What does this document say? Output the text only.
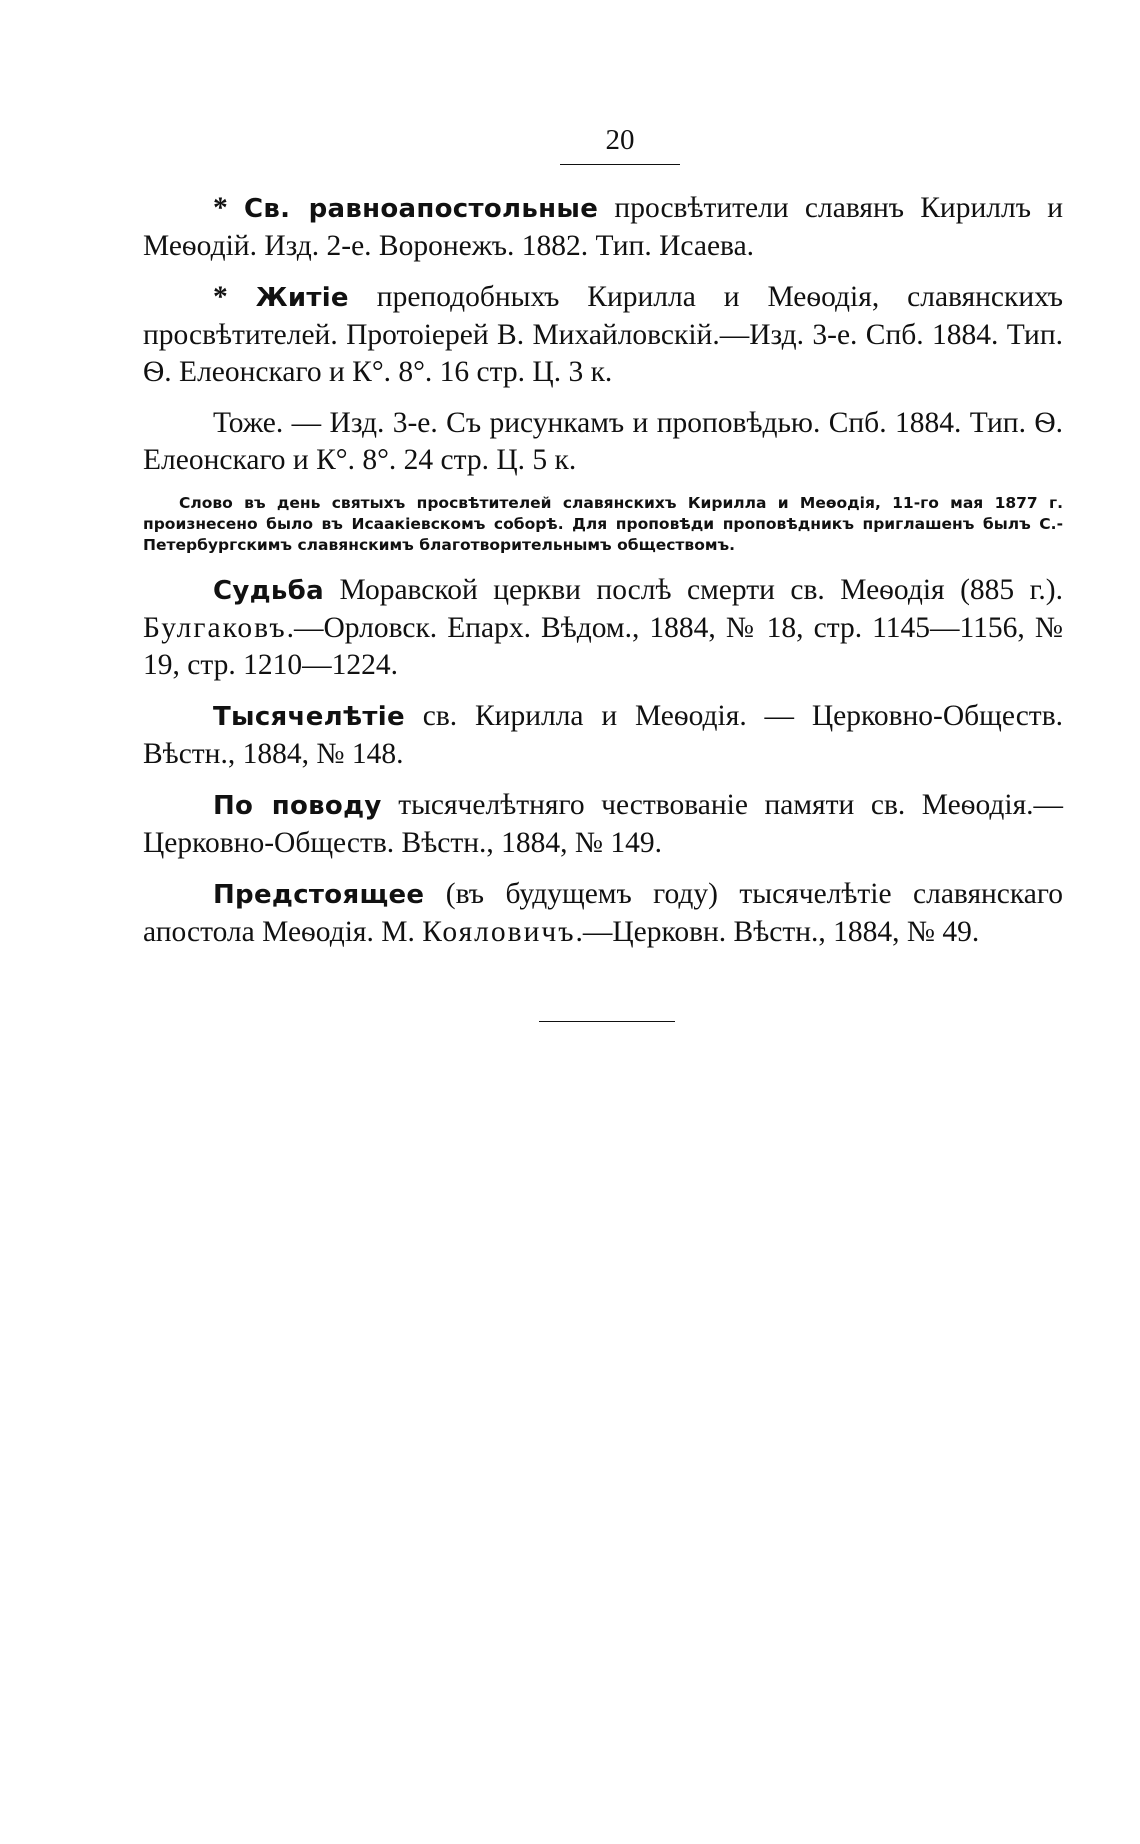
20

* Св. равноапостольные просвѣтители славянъ Кириллъ и Меѳодій. Изд. 2-е. Воронежъ. 1882. Тип. Исаева.

* Житіе преподобныхъ Кирилла и Меѳодія, славянскихъ просвѣтителей. Протоіерей В. Михайловскій.—Изд. 3-е. Спб. 1884. Тип. Ѳ. Елеонскаго и К°. 8°. 16 стр. Ц. 3 к.

Тоже. — Изд. 3-е. Съ рисункамъ и проповѣдью. Спб. 1884. Тип. Ѳ. Елеонскаго и К°. 8°. 24 стр. Ц. 5 к.

Слово въ день святыхъ просвѣтителей славянскихъ Кирилла и Меѳодія, 11-го мая 1877 г. произнесено было въ Исаакіевскомъ соборѣ. Для проповѣди проповѣдникъ приглашенъ былъ С.-Петербургскимъ славянскимъ благотворительнымъ обществомъ.

Судьба Моравской церкви послѣ смерти св. Меѳодія (885 г.). Булгаковъ.—Орловск. Епарх. Вѣдом., 1884, № 18, стр. 1145—1156, № 19, стр. 1210—1224.

Тысячелѣтіе св. Кирилла и Меѳодія. — Церковно-Обществ. Вѣстн., 1884, № 148.

По поводу тысячелѣтняго чествованіе памяти св. Меѳодія.— Церковно-Обществ. Вѣстн., 1884, № 149.

Предстоящее (въ будущемъ году) тысячелѣтіе славянскаго апостола Меѳодія. М. Кояловичъ.—Церковн. Вѣстн., 1884, № 49.
